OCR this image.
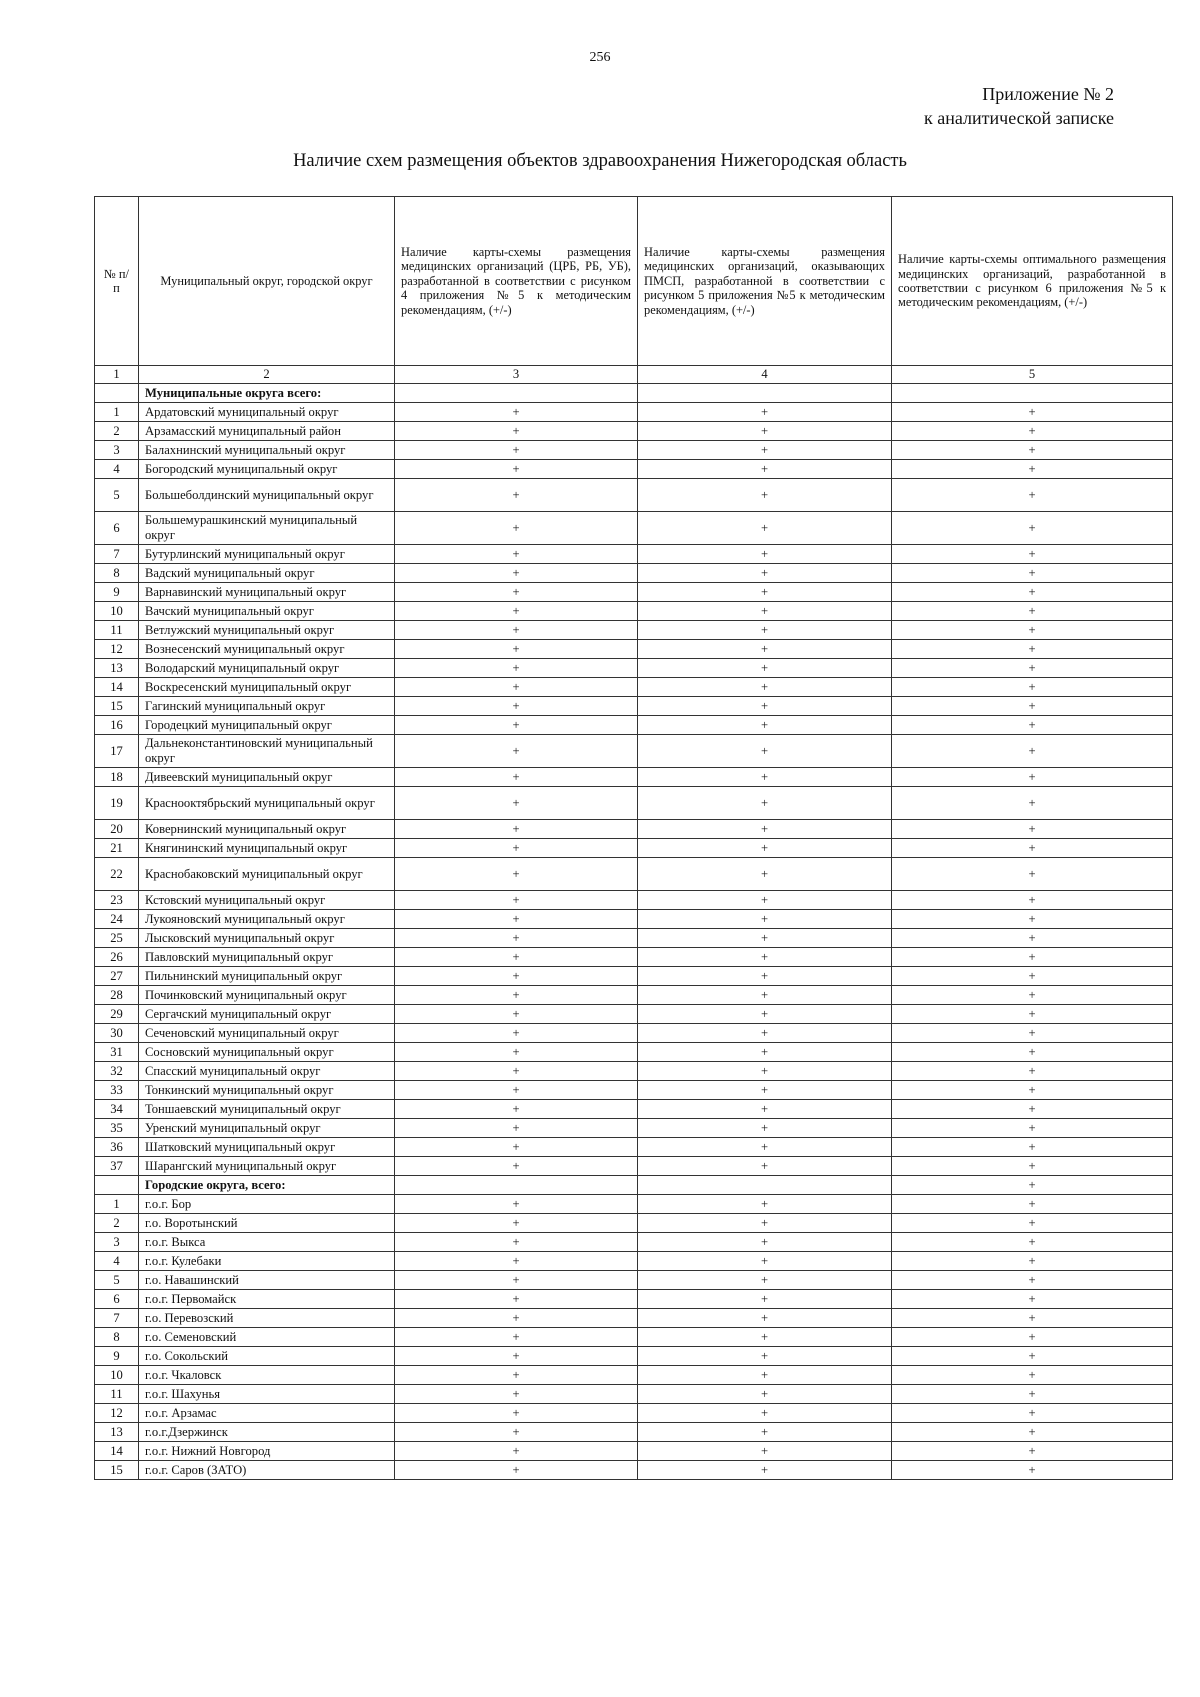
256
Приложение № 2
к аналитической записке
Наличие схем размещения объектов здравоохранения Нижегородская область
№ п/п	Муниципальный округ, городской округ	Наличие карты-схемы размещения медицинских организаций (ЦРБ, РБ, УБ), разработанной в соответствии с рисунком 4 приложения №5 к методическим рекомендациям, (+/-)	Наличие карты-схемы размещения медицинских организаций, оказывающих ПМСП, разработанной в соответствии с рисунком 5 приложения №5 к методическим рекомендациям, (+/-)	Наличие карты-схемы оптимального размещения медицинских организаций, разработанной в соответствии с рисунком 6 приложения №5 к методическим рекомендациям, (+/-)
1	2	3	4	5
	Муниципальные округа всего:			
1	Ардатовский муниципальный округ	+	+	+
2	Арзамасский муниципальный район	+	+	+
3	Балахнинский муниципальный округ	+	+	+
4	Богородский муниципальный округ	+	+	+
5	Большеболдинский муниципальный округ	+	+	+
6	Большемурашкинский муниципальный округ	+	+	+
7	Бутурлинский муниципальный округ	+	+	+
8	Вадский муниципальный округ	+	+	+
9	Варнавинский муниципальный округ	+	+	+
10	Вачский муниципальный округ	+	+	+
11	Ветлужский муниципальный округ	+	+	+
12	Вознесенский муниципальный округ	+	+	+
13	Володарский муниципальный округ	+	+	+
14	Воскресенский муниципальный округ	+	+	+
15	Гагинский муниципальный округ	+	+	+
16	Городецкий муниципальный округ	+	+	+
17	Дальнеконстантиновский муниципальный округ	+	+	+
18	Дивеевский муниципальный округ	+	+	+
19	Краснооктябрьский муниципальный округ	+	+	+
20	Ковернинский муниципальный округ	+	+	+
21	Княгининский муниципальный округ	+	+	+
22	Краснобаковский муниципальный округ	+	+	+
23	Кстовский муниципальный округ	+	+	+
24	Лукояновский муниципальный округ	+	+	+
25	Лысковский муниципальный округ	+	+	+
26	Павловский муниципальный округ	+	+	+
27	Пильнинский муниципальный округ	+	+	+
28	Починковский муниципальный округ	+	+	+
29	Сергачский муниципальный округ	+	+	+
30	Сеченовский муниципальный округ	+	+	+
31	Сосновский муниципальный округ	+	+	+
32	Спасский муниципальный округ	+	+	+
33	Тонкинский муниципальный округ	+	+	+
34	Тоншаевский муниципальный округ	+	+	+
35	Уренский муниципальный округ	+	+	+
36	Шатковский муниципальный округ	+	+	+
37	Шарангский муниципальный округ	+	+	+
	Городские округа, всего:			+
1	г.о.г. Бор	+	+	+
2	г.о. Воротынский	+	+	+
3	г.о.г. Выкса	+	+	+
4	г.о.г. Кулебаки	+	+	+
5	г.о. Навашинский	+	+	+
6	г.о.г. Первомайск	+	+	+
7	г.о. Перевозский	+	+	+
8	г.о. Семеновский	+	+	+
9	г.о. Сокольский	+	+	+
10	г.о.г. Чкаловск	+	+	+
11	г.о.г. Шахунья	+	+	+
12	г.о.г. Арзамас	+	+	+
13	г.о.г.Дзержинск	+	+	+
14	г.о.г. Нижний Новгород	+	+	+
15	г.о.г. Саров (ЗАТО)	+	+	+
